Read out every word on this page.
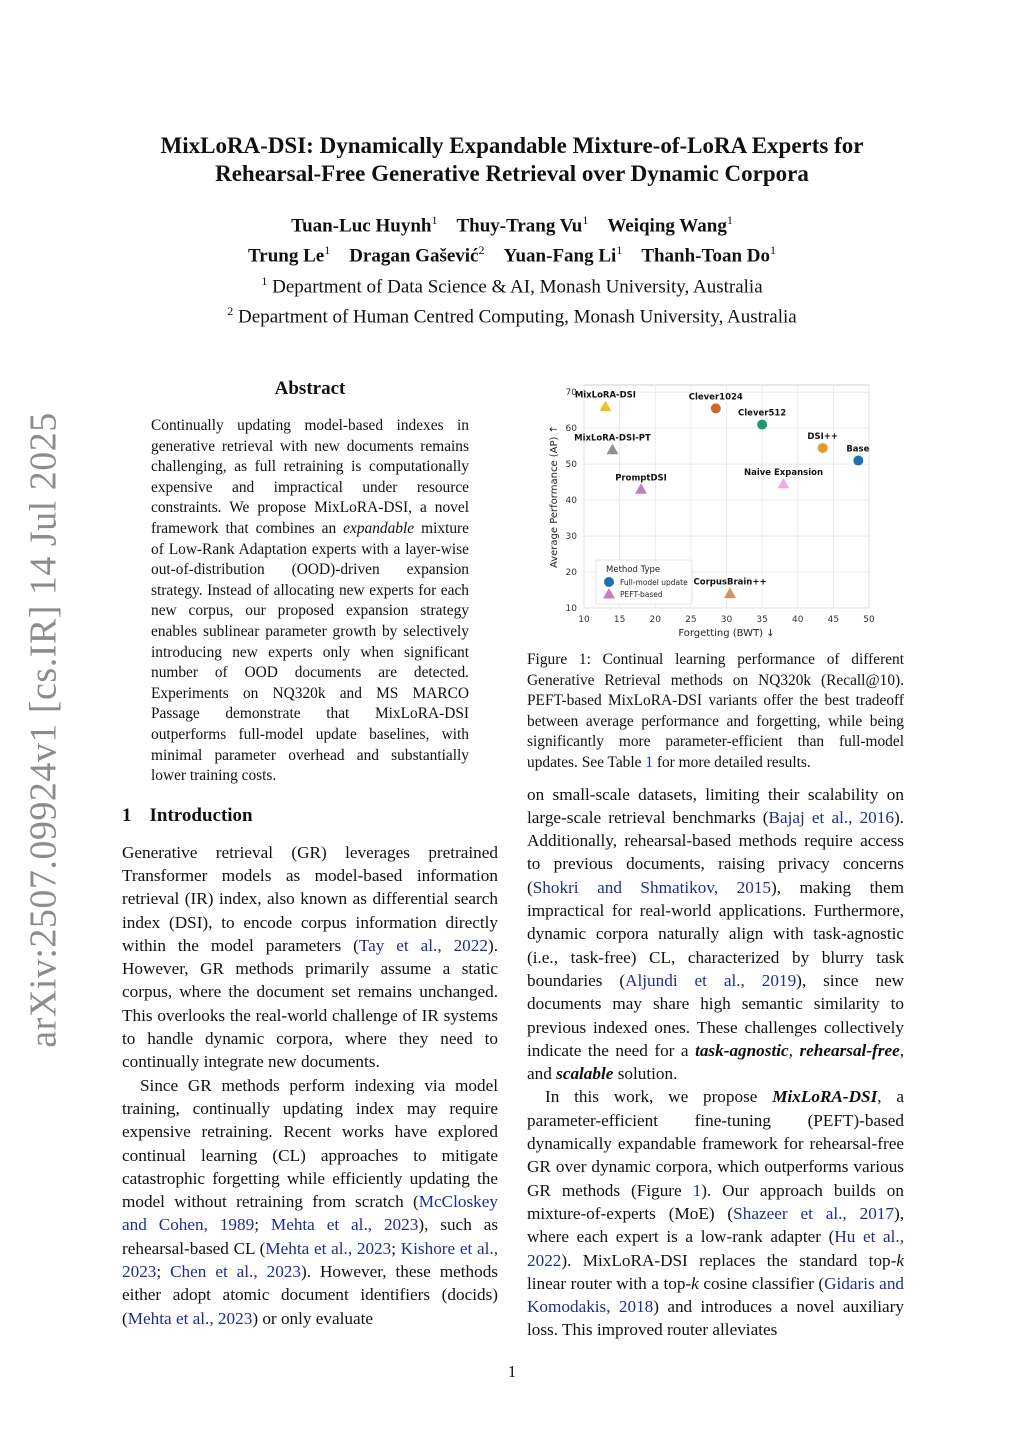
arXiv:2507.09924v1 [cs.IR] 14 Jul 2025
MixLoRA-DSI: Dynamically Expandable Mixture-of-LoRA Experts for
Rehearsal-Free Generative Retrieval over Dynamic Corpora
Tuan-Luc Huynh$^1$ Thuy-Trang Vu$^1$ Weiqing Wang$^1$
Trung Le$^1$ Dragan Gašević$^2$ Yuan-Fang Li$^1$ Thanh-Toan Do$^1$
$^1$ Department of Data Science & AI, Monash University, Australia
$^2$ Department of Human Centred Computing, Monash University, Australia
Abstract
Continually updating model-based indexes in generative retrieval with new documents remains challenging, as full retraining is computationally expensive and impractical under resource constraints. We propose MixLoRA-DSI, a novel framework that combines an expandable mixture of Low-Rank Adaptation experts with a layer-wise out-of-distribution (OOD)-driven expansion strategy. Instead of allocating new experts for each new corpus, our proposed expansion strategy enables sublinear parameter growth by selectively introducing new experts only when significant number of OOD documents are detected. Experiments on NQ320k and MS MARCO Passage demonstrate that MixLoRA-DSI outperforms full-model update baselines, with minimal parameter overhead and substantially lower training costs.
1 Introduction

Generative retrieval (GR) leverages pretrained Transformer models as model-based information retrieval (IR) index, also known as differential search index (DSI), to encode corpus information directly within the model parameters (Tay et al., 2022). However, GR methods primarily assume a static corpus, where the document set remains unchanged. This overlooks the real-world challenge of IR systems to handle dynamic corpora, where they need to continually integrate new documents.

Since GR methods perform indexing via model training, continually updating index may require expensive retraining. Recent works have explored continual learning (CL) approaches to mitigate catastrophic forgetting while efficiently updating the model without retraining from scratch (McCloskey and Cohen, 1989; Mehta et al., 2023), such as rehearsal-based CL (Mehta et al., 2023; Kishore et al., 2023; Chen et al., 2023). However, these methods either adopt atomic document identifiers (docids) (Mehta et al., 2023) or only evaluate

10	15	20	25	30	35	40	45	50
10
20
30
40
50
60
70
Forgetting (BWT) ↓
Average Performance (AP) ↑
Method Type
Full-model update
PEFT-based
MixLoRA-DSI
MixLoRA-DSI-PT
PromptDSI
Clever1024
Clever512
DSI++
Base
Naive Expansion
CorpusBrain++
Figure 1: Continual learning performance of different Generative Retrieval methods on NQ320k (Recall@10). PEFT-based MixLoRA-DSI variants offer the best tradeoff between average performance and forgetting, while being significantly more parameter-efficient than full-model updates. See Table 1 for more detailed results.

on small-scale datasets, limiting their scalability on large-scale retrieval benchmarks (Bajaj et al., 2016). Additionally, rehearsal-based methods require access to previous documents, raising privacy concerns (Shokri and Shmatikov, 2015), making them impractical for real-world applications. Furthermore, dynamic corpora naturally align with task-agnostic (i.e., task-free) CL, characterized by blurry task boundaries (Aljundi et al., 2019), since new documents may share high semantic similarity to previous indexed ones. These challenges collectively indicate the need for a task-agnostic, rehearsal-free, and scalable solution.

In this work, we propose MixLoRA-DSI, a parameter-efficient fine-tuning (PEFT)-based dynamically expandable framework for rehearsal-free GR over dynamic corpora, which outperforms various GR methods (Figure 1). Our approach builds on mixture-of-experts (MoE) (Shazeer et al., 2017), where each expert is a low-rank adapter (Hu et al., 2022). MixLoRA-DSI replaces the standard top-k linear router with a top-k cosine classifier (Gidaris and Komodakis, 2018) and introduces a novel auxiliary loss. This improved router alleviates

1
